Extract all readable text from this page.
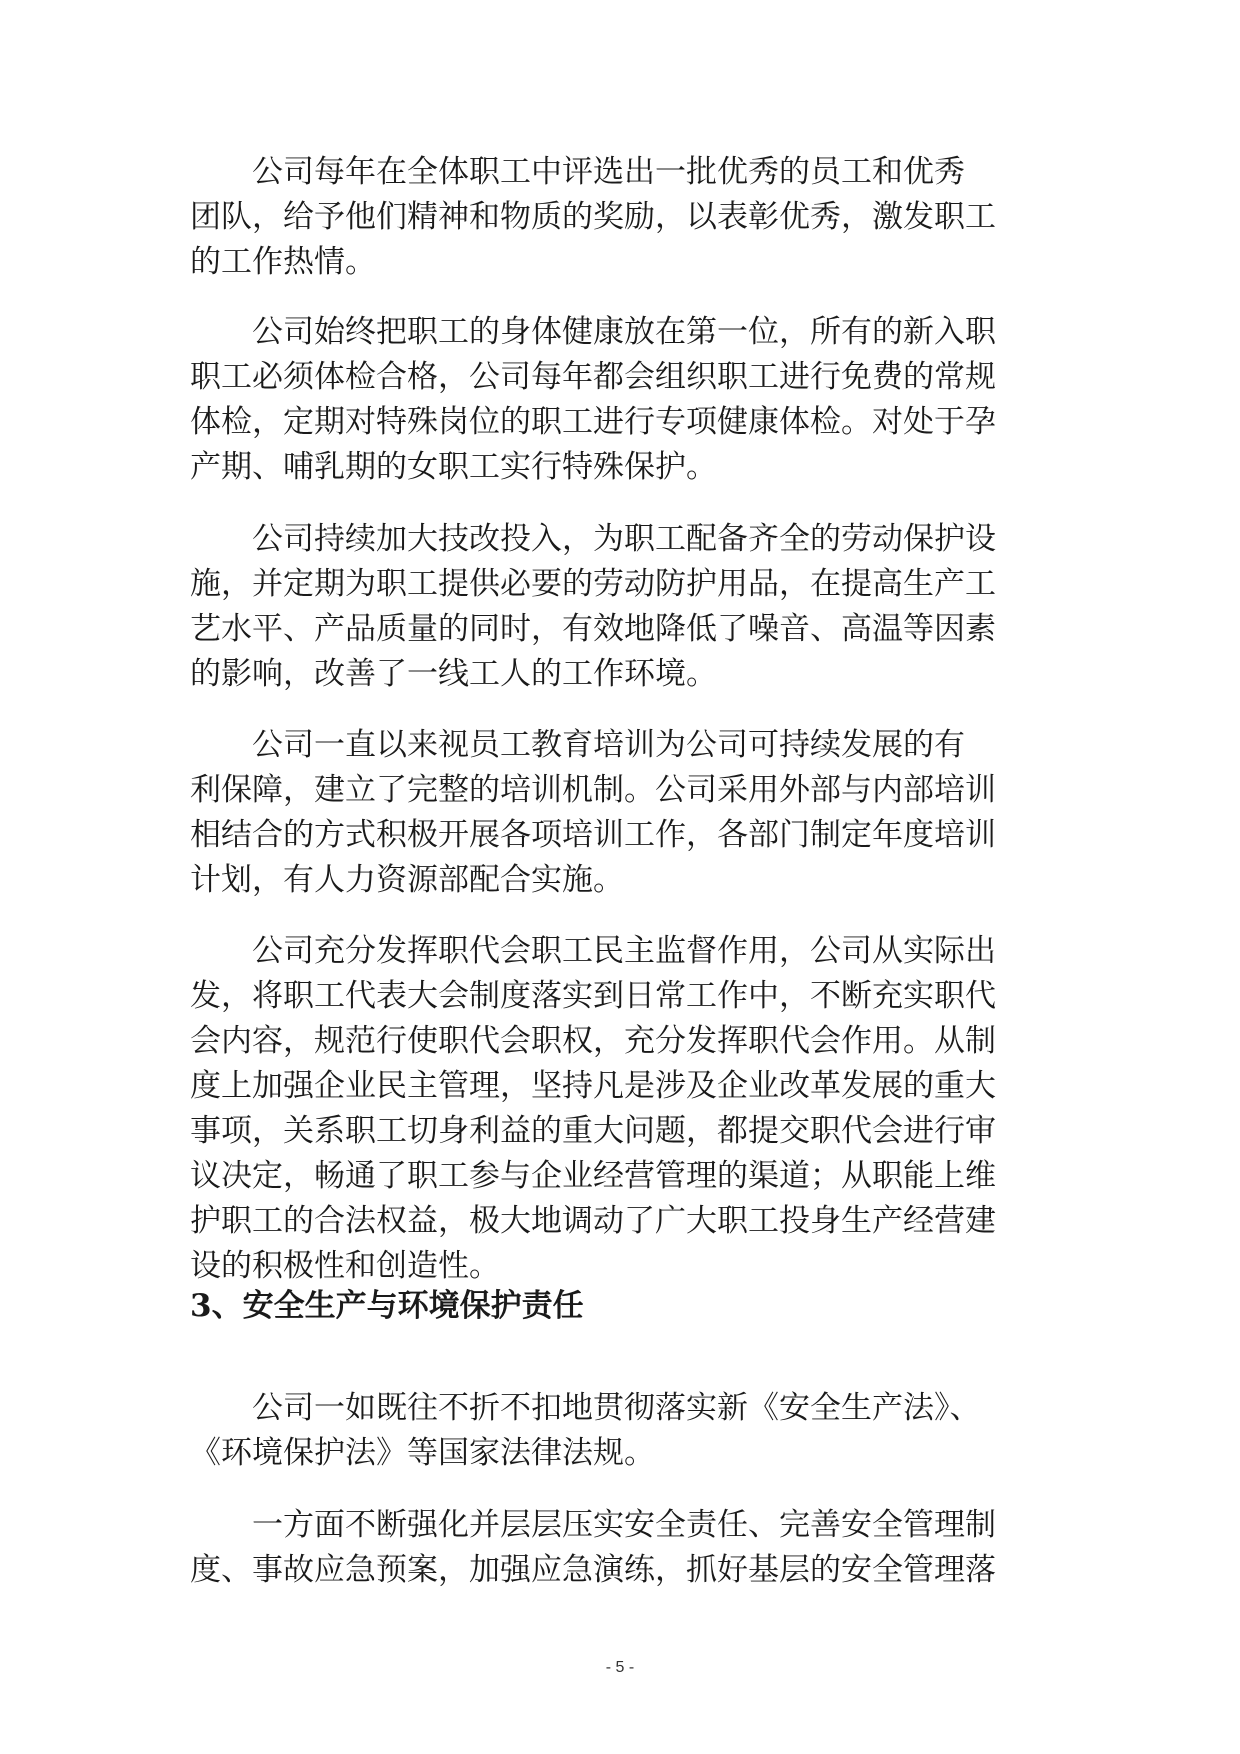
　　公司每年在全体职工中评选出一批优秀的员工和优秀
团队，给予他们精神和物质的奖励，以表彰优秀，激发职工
的工作热情。

　　公司始终把职工的身体健康放在第一位，所有的新入职
职工必须体检合格，公司每年都会组织职工进行免费的常规
体检，定期对特殊岗位的职工进行专项健康体检。对处于孕
产期、哺乳期的女职工实行特殊保护。

　　公司持续加大技改投入，为职工配备齐全的劳动保护设
施，并定期为职工提供必要的劳动防护用品，在提高生产工
艺水平、产品质量的同时，有效地降低了噪音、高温等因素
的影响，改善了一线工人的工作环境。

　　公司一直以来视员工教育培训为公司可持续发展的有
利保障，建立了完整的培训机制。公司采用外部与内部培训
相结合的方式积极开展各项培训工作，各部门制定年度培训
计划，有人力资源部配合实施。

　　公司充分发挥职代会职工民主监督作用，公司从实际出
发，将职工代表大会制度落实到日常工作中，不断充实职代
会内容，规范行使职代会职权，充分发挥职代会作用。从制
度上加强企业民主管理，坚持凡是涉及企业改革发展的重大
事项，关系职工切身利益的重大问题，都提交职代会进行审
议决定，畅通了职工参与企业经营管理的渠道；从职能上维
护职工的合法权益，极大地调动了广大职工投身生产经营建
设的积极性和创造性。

3、安全生产与环境保护责任

　　公司一如既往不折不扣地贯彻落实新《安全生产法》、
《环境保护法》等国家法律法规。

　　一方面不断强化并层层压实安全责任、完善安全管理制
度、事故应急预案，加强应急演练，抓好基层的安全管理落

- 5 -
